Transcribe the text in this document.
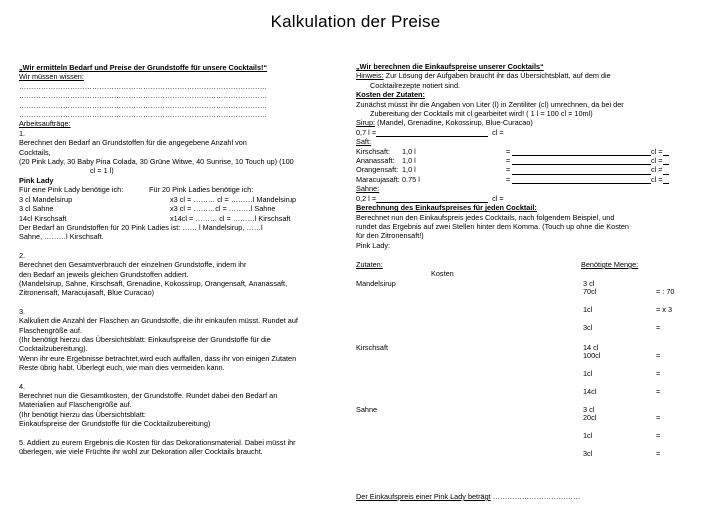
Kalkulation der Preise

„Wir ermitteln Bedarf und Preise der Grundstoffe für unsere Cocktails!“

Wir müssen wissen:

…………………………………………………………………………………………

…………………………………………………………………………………………

…………………………………………………………………………………………

…………………………………………………………………………………………

Arbeitsaufträge:

1.

Berechnet den Bedarf an Grundstoffen für die angegebene Anzahl von

Cocktails,

(20 Pink Lady, 30 Baby Pina Colada, 30 Grüne Witwe, 40 Sunrise, 10 Touch up) (100

cl = 1 l)

Pink Lady

Für eine Pink Lady benötige ich:	Für 20 Pink Ladies benötige ich:
3 cl Mandelsirup	x3 cl = ……… cl = ………l Mandelsirup
3 cl Sahne	x3 cl = ………cl = ………l Sahne
14cl Kirschsaft	x14cl = ……… cl = ………l Kirschsaft

Der Bedarf an Grundstoffen für 20 Pink Ladies ist: …… l Mandelsirup, ……l

Sahne, ………l Kirschsaft.

2.

Berechnet den Gesamtverbrauch der einzelnen Grundstoffe, indem ihr

den Bedarf an jeweils gleichen Grundstoffen addiert.

(Mandelsirup, Sahne, Kirschsaft, Grenadine, Kokossirup, Orangensaft, Ananassaft,

Zitronensaft, Maracujasaft, Blue Curacao)

3.

Kalkuliert die Anzahl der Flaschen an Grundstoffe, die ihr einkaufen müsst. Rundet auf

Flaschengröße auf.

(Ihr benötigt hierzu das Übersichtsblatt: Einkaufspreise der Grundstoffe für die

Cocktailzubereitung).

Wenn ihr eure Ergebnisse betrachtet,wird euch auffallen, dass ihr von einigen Zutaten

Reste übrig habt. Überlegt euch, wie man dies vermeiden kann.

4.

Berechnet nun die Gesamtkosten, der Grundstoffe. Rundet dabei den Bedarf an

Materialien auf Flaschengröße auf.

(Ihr benötigt hierzu das Übersichtsblatt:

Einkaufspreise der Grundstoffe für die Cocktailzubereitung)

5. Addiert zu eurem Ergebnis die Kosten für das Dekorationsmaterial. Dabei müsst ihr

überlegen, wie viele Früchte ihr wohl zur Dekoration aller Cocktails braucht.

„Wir berechnen die Einkaufspreise unserer Cocktails“

Hinweis: Zur Lösung der Aufgaben braucht ihr das Übersichtsblatt, auf dem die

Cocktailrezepte notiert sind.

Kosten der Zutaten:

Zunächst müsst ihr die Angaben von Liter (l) in Zentiliter (cl) umrechnen, da bei der

Zubereitung der Cocktails mit cl gearbeitet wird! ( 1 l = 100 cl = 10ml)

Sirup: (Mandel, Grenadine, Kokossirup, Blue-Curacao)

0,7 l =	cl =

Saft:

Kirschsaft:	1,0 l	=	cl =
Ananassaft:	1,0 l	=	cl =
Orangensaft: 1,0 l	=	cl =
Maracujasaft: 0.75 l	=	cl =

Sahne:

0,2 l =	cl =

Berechnung des Einkaufspreises für jeden Cocktail:

Berechnet nun den Einkaufspreis jedes Cocktails, nach folgendem Beispiel, und

rundet das Ergebnis auf zwei Stellen hinter dem Komma. (Touch up ohne die Kosten

für den Zitronensaft!)

Pink Lady:

Zutaten:	Benötigte Menge:
Kosten
Mandelsirup	3 cl
70cl	= : 70
1cl	= x 3
3cl	=
Kirschsaft	14 cl
100cl	=
1cl	=
14cl	=
Sahne	3 cl
20cl	=
1cl	=
3cl	=
Der Einkaufspreis einer Pink Lady beträgt ………………………………
